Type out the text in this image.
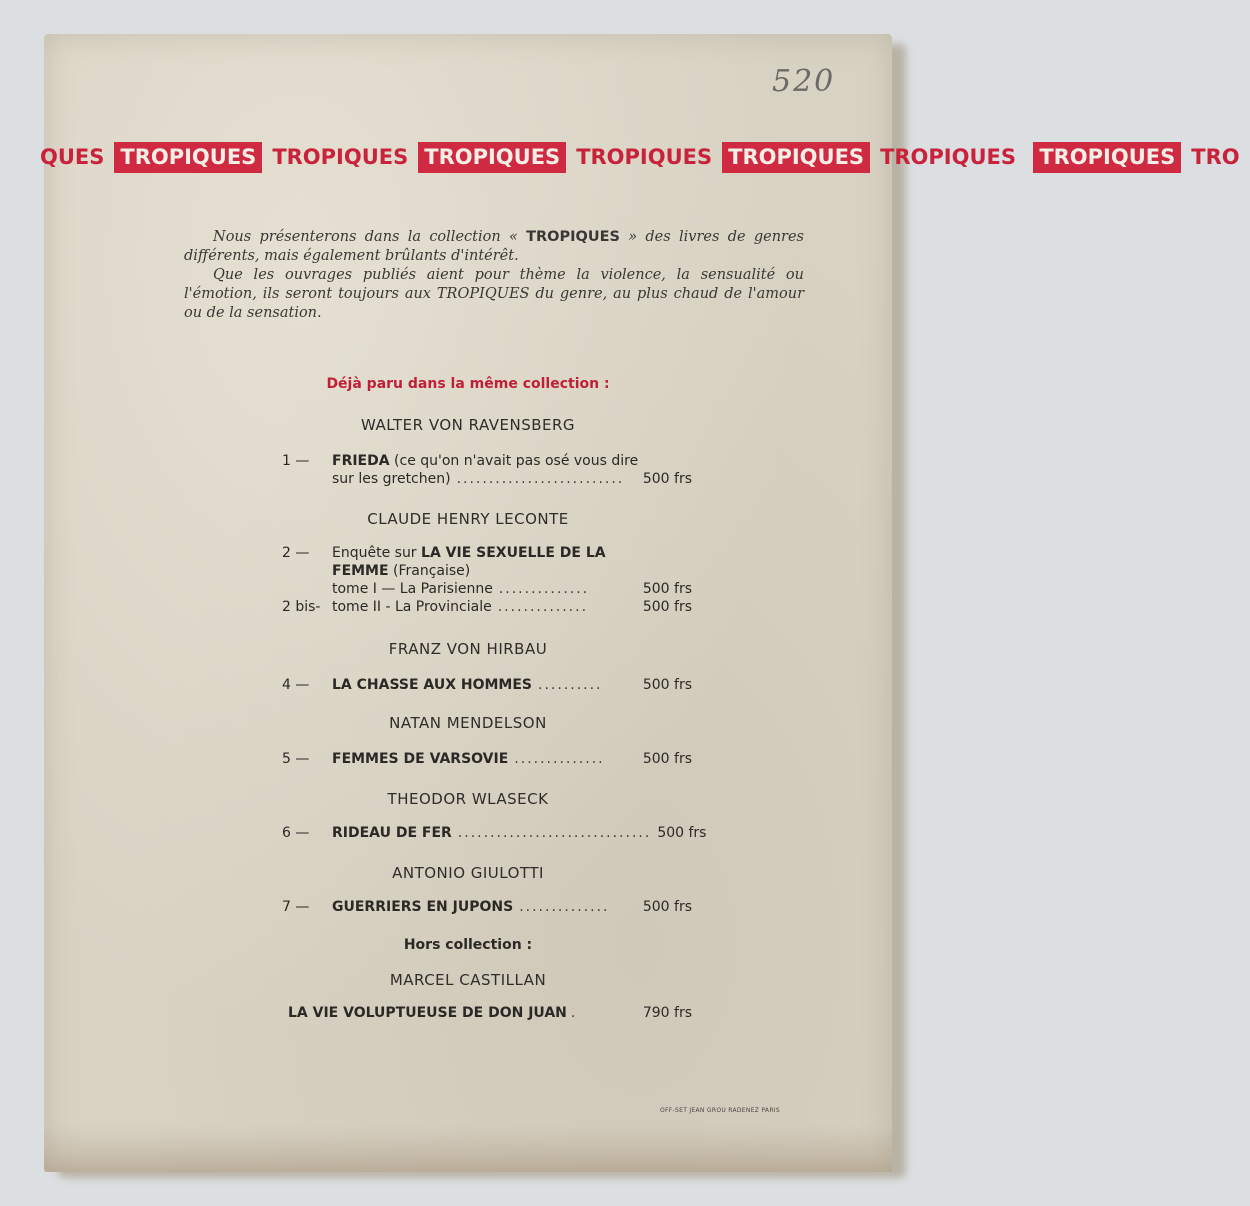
520
QUES TROPIQUES TROPIQUES TROPIQUES TROPIQUES TROPIQUES TROPIQUES TROPIQUES TRO

Nous présenterons dans la collection « TROPIQUES » des livres de genres différents, mais également brûlants d'intérêt.

Que les ouvrages publiés aient pour thème la violence, la sensualité ou l'émotion, ils seront toujours aux TROPIQUES du genre, au plus chaud de l'amour ou de la sensation.

Déjà paru dans la même collection :
WALTER VON RAVENSBERG
1 —	FRIEDA
(ce qu'on n'avait pas osé vous dire
sur les gretchen) ..........................	500 frs
CLAUDE HENRY LECONTE
2 —	Enquête sur
LA VIE SEXUELLE DE LA
FEMME
(Française)
tome I — La Parisienne ..............	500 frs
2 bis- tome II - La Provinciale ..............	500 frs
FRANZ VON HIRBAU
4 —	LA CHASSE AUX HOMMES ..........	500 frs
NATAN MENDELSON
5 —	FEMMES DE VARSOVIE ..............	500 frs
THEODOR WLASECK
6 —	RIDEAU DE FER .............................. 500 frs
ANTONIO GIULOTTI
7 —	GUERRIERS EN JUPONS ..............	500 frs
Hors collection :
MARCEL CASTILLAN
LA VIE VOLUPTUEUSE DE DON JUAN .	790 frs
OFF-SET JEAN GROU RADENEZ PARIS
